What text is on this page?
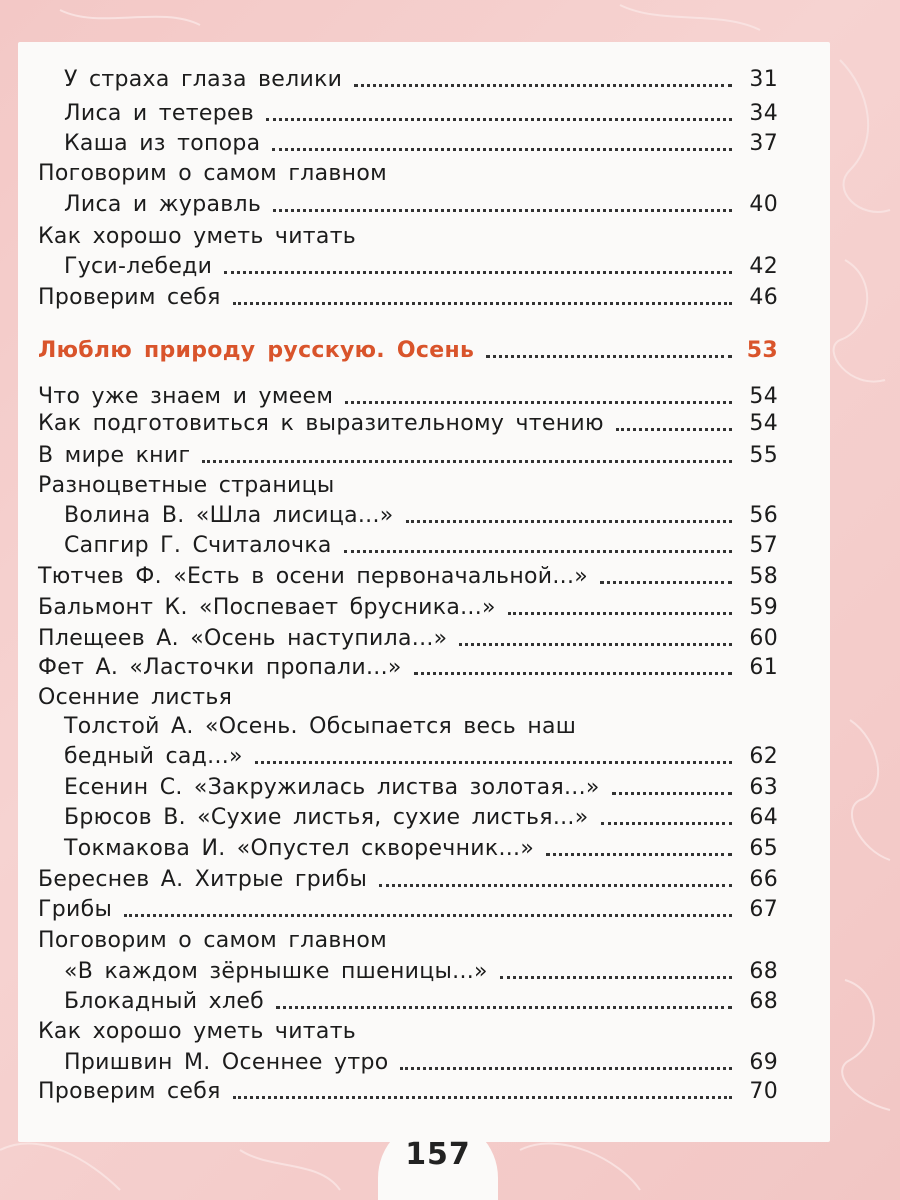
157
У страха глаза велики	31
Лиса и тетерев	34
Каша из топора	37
Поговорим о самом главном
Лиса и журавль	40
Как хорошо уметь читать
Гуси-лебеди	42
Проверим себя	46
Люблю природу русскую. Осень	53
Что уже знаем и умеем	54
Как подготовиться к выразительному чтению	54
В мире книг	55
Разноцветные страницы
Волина В. «Шла лисица...»	56
Сапгир Г. Считалочка	57
Тютчев Ф. «Есть в осени первоначальной...»	58
Бальмонт К. «Поспевает брусника...»	59
Плещеев А. «Осень наступила...»	60
Фет А. «Ласточки пропали...»	61
Осенние листья
Толстой А. «Осень. Обсыпается весь наш
бедный сад...»	62
Есенин С. «Закружилась листва золотая...»	63
Брюсов В. «Сухие листья, сухие листья...»	64
Токмакова И. «Опустел скворечник...»	65
Береснев А. Хитрые грибы	66
Грибы	67
Поговорим о самом главном
«В каждом зёрнышке пшеницы...»	68
Блокадный хлеб	68
Как хорошо уметь читать
Пришвин М. Осеннее утро	69
Проверим себя	70
